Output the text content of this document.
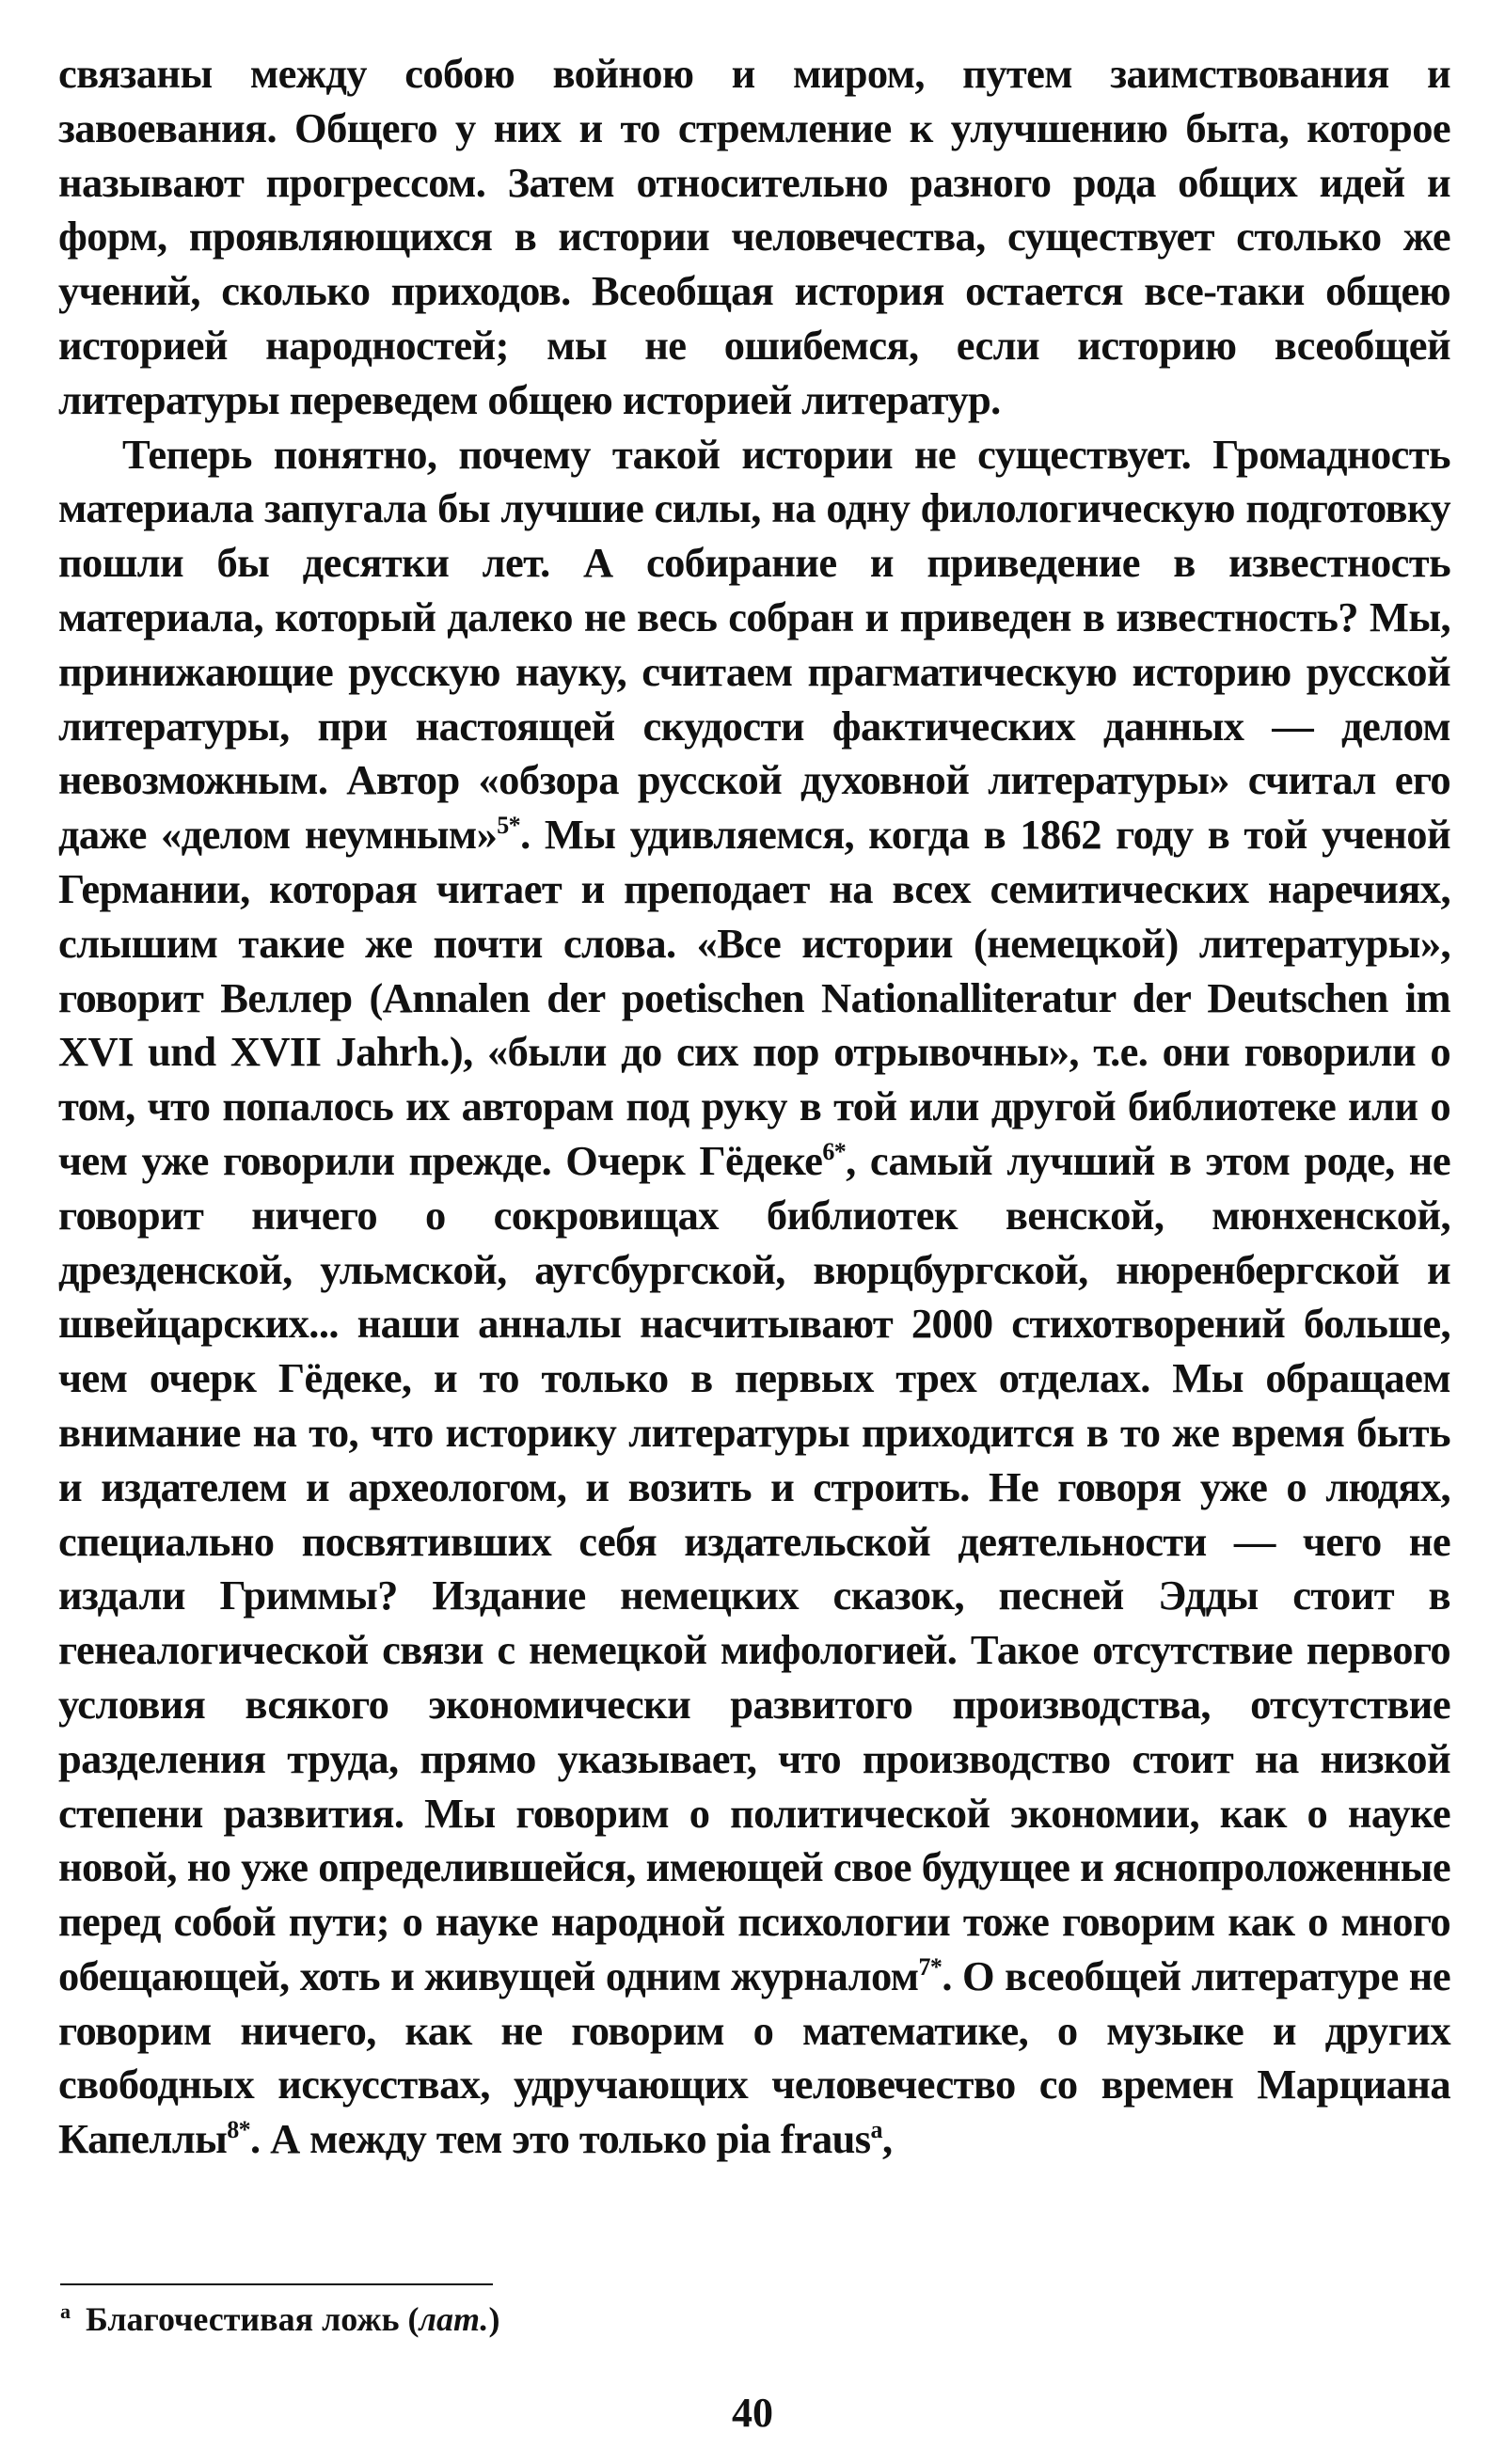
связаны между собою войною и миром, путем заимствования и завоевания. Общего у них и то стремление к улучшению быта, которое называют прогрессом. Затем относительно разного рода общих идей и форм, проявляющихся в истории человечества, существует столько же учений, сколько приходов. Всеобщая история остается все-таки общею историей народностей; мы не ошибемся, если историю всеобщей литературы переведем общею историей литератур.

Теперь понятно, почему такой истории не существует. Громадность материала запугала бы лучшие силы, на одну филологическую подготовку пошли бы десятки лет. А собирание и приведение в известность материала, который далеко не весь собран и приведен в известность? Мы, принижающие русскую науку, считаем прагматическую историю русской литературы, при настоящей скудости фактических данных — делом невозможным. Автор «обзора русской духовной литературы» считал его даже «делом неумным»$^{5*}$. Мы удивляемся, когда в 1862 году в той ученой Германии, которая читает и преподает на всех семитических наречиях, слышим такие же почти слова. «Все истории (немецкой) литературы», говорит Веллер (Annalen der poetischen Nationalliteratur der Deutschen im XVI und XVII Jahrh.), «были до сих пор отрывочны», т.е. они говорили о том, что попалось их авторам под руку в той или другой библиотеке или о чем уже говорили прежде. Очерк Гёдеке$^{6*}$, самый лучший в этом роде, не говорит ничего о сокровищах библиотек венской, мюнхенской, дрезденской, ульмской, аугсбургской, вюрцбургской, нюренбергской и швейцарских... наши анналы насчитывают 2000 стихотворений больше, чем очерк Гёдеке, и то только в первых трех отделах. Мы обращаем внимание на то, что историку литературы приходится в то же время быть и издателем и археологом, и возить и строить. Не говоря уже о людях, специально посвятивших себя издательской деятельности — чего не издали Гриммы? Издание немецких сказок, песней Эдды стоит в генеалогической связи с немецкой мифологией. Такое отсутствие первого условия всякого экономически развитого производства, отсутствие разделения труда, прямо указывает, что производство стоит на низкой степени развития. Мы говорим о политической экономии, как о науке новой, но уже определившейся, имеющей свое будущее и яснопроложенные перед собой пути; о науке народной психологии тоже говорим как о много обещающей, хоть и живущей одним журналом$^{7*}$. О всеобщей литературе не говорим ничего, как не говорим о математике, о музыке и других свободных искусствах, удручающих человечество со времен Марциана Капеллы$^{8*}$. А между тем это только pia fraus$^a$,

$^a$ Благочестивая ложь (лат.)
40
